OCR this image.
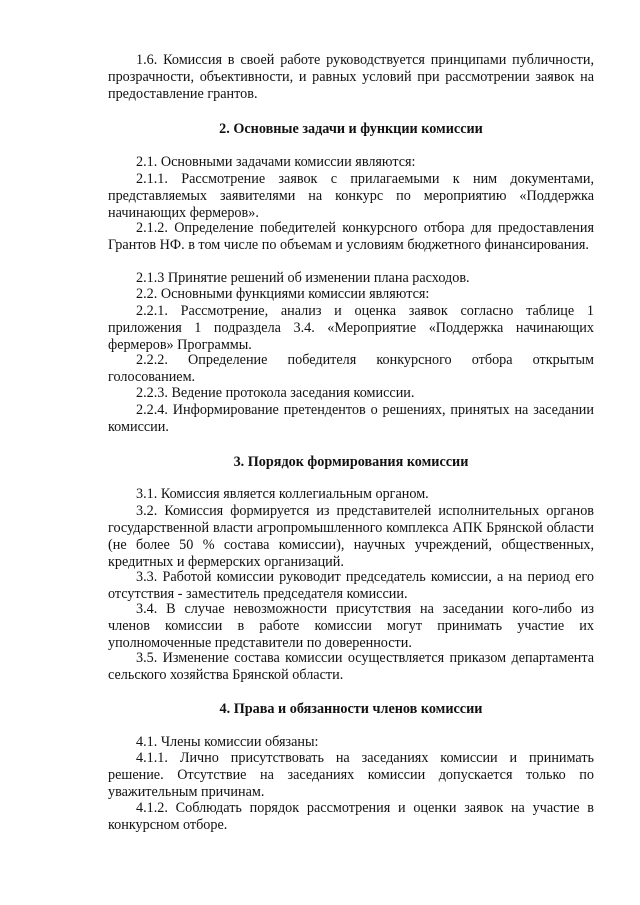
1.6. Комиссия в своей работе руководствуется принципами публичности, прозрачности, объективности, и равных условий при рассмотрении заявок на предоставление грантов.
2. Основные задачи и функции комиссии
2.1. Основными задачами комиссии являются:
2.1.1. Рассмотрение заявок с прилагаемыми к ним документами, представляемых заявителями на конкурс по мероприятию «Поддержка начинающих фермеров».
2.1.2. Определение победителей конкурсного отбора для предоставления Грантов НФ. в том числе по объемам и условиям бюджетного финансирования.
2.1.3 Принятие решений об изменении плана расходов.
2.2. Основными функциями комиссии являются:
2.2.1. Рассмотрение, анализ и оценка заявок согласно таблице 1 приложения 1 подраздела 3.4. «Мероприятие «Поддержка начинающих фермеров» Программы.
2.2.2. Определение победителя конкурсного отбора открытым голосованием.
2.2.3. Ведение протокола заседания комиссии.
2.2.4. Информирование претендентов о решениях, принятых на заседании комиссии.
3. Порядок формирования комиссии
3.1. Комиссия является коллегиальным органом.
3.2. Комиссия формируется из представителей исполнительных органов государственной власти агропромышленного комплекса АПК Брянской области (не более 50 % состава комиссии), научных учреждений, общественных, кредитных и фермерских организаций.
3.3. Работой комиссии руководит председатель комиссии, а на период его отсутствия - заместитель председателя комиссии.
3.4. В случае невозможности присутствия на заседании кого-либо из членов комиссии в работе комиссии могут принимать участие их уполномоченные представители по доверенности.
3.5. Изменение состава комиссии осуществляется приказом департамента сельского хозяйства Брянской области.
4. Права и обязанности членов комиссии
4.1. Члены комиссии обязаны:
4.1.1. Лично присутствовать на заседаниях комиссии и принимать решение. Отсутствие на заседаниях комиссии допускается только по уважительным причинам.
4.1.2. Соблюдать порядок рассмотрения и оценки заявок на участие в конкурсном отборе.
